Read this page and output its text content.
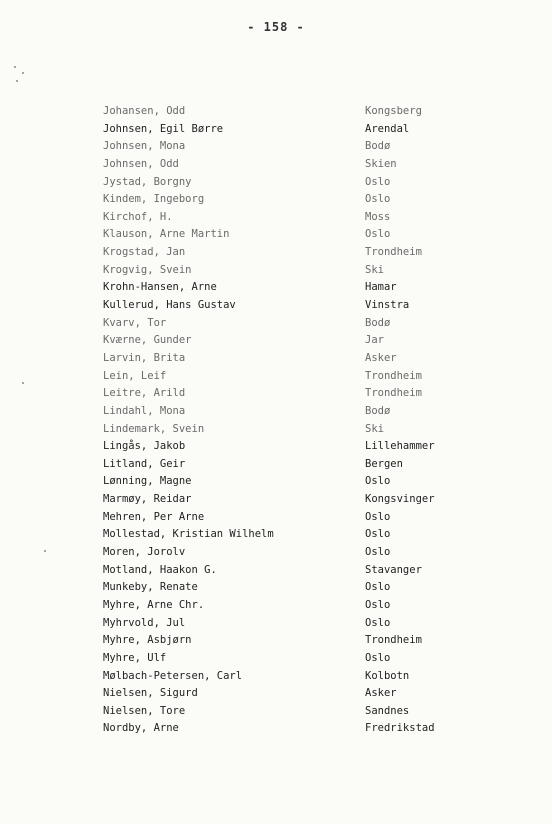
- 158 -
Johansen, Odd	Kongsberg
Johnsen, Egil Børre	Arendal
Johnsen, Mona	Bodø
Johnsen, Odd	Skien
Jystad, Borgny	Oslo
Kindem, Ingeborg	Oslo
Kirchof, H.	Moss
Klauson, Arne Martin	Oslo
Krogstad, Jan	Trondheim
Krogvig, Svein	Ski
Krohn-Hansen, Arne	Hamar
Kullerud, Hans Gustav	Vinstra
Kvarv, Tor	Bodø
Kværne, Gunder	Jar
Larvin, Brita	Asker
Lein, Leif	Trondheim
Leitre, Arild	Trondheim
Lindahl, Mona	Bodø
Lindemark, Svein	Ski
Lingås, Jakob	Lillehammer
Litland, Geir	Bergen
Lønning, Magne	Oslo
Marmøy, Reidar	Kongsvinger
Mehren, Per Arne	Oslo
Mollestad, Kristian Wilhelm	Oslo
Moren, Jorolv	Oslo
Motland, Haakon G.	Stavanger
Munkeby, Renate	Oslo
Myhre, Arne Chr.	Oslo
Myhrvold, Jul	Oslo
Myhre, Asbjørn	Trondheim
Myhre, Ulf	Oslo
Mølbach-Petersen, Carl	Kolbotn
Nielsen, Sigurd	Asker
Nielsen, Tore	Sandnes
Nordby, Arne	Fredrikstad
